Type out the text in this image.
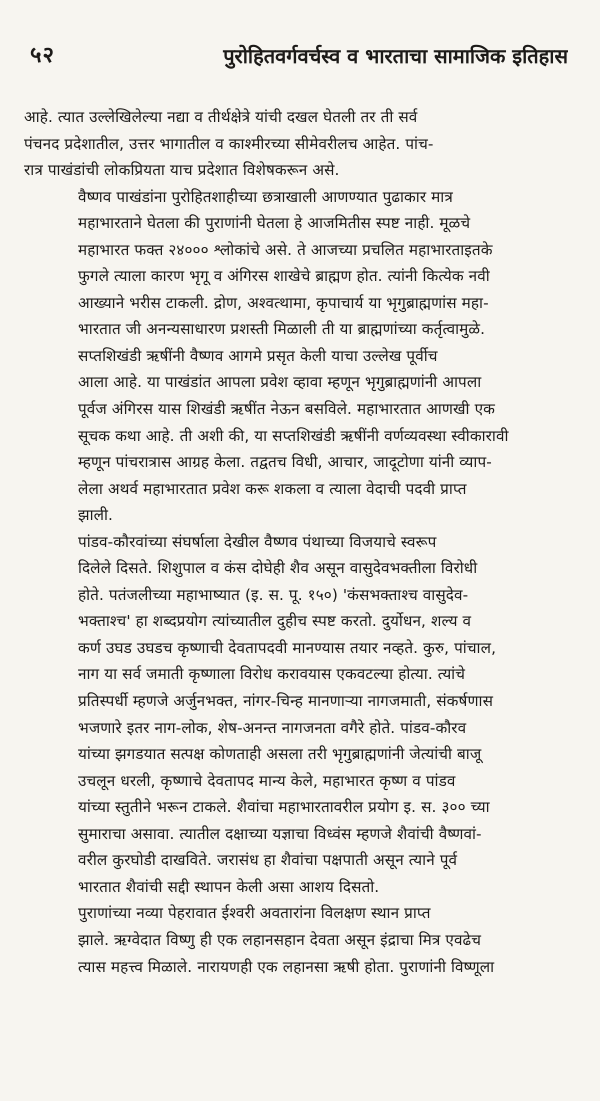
५२	पुरोहितवर्गवर्चस्व व भारताचा सामाजिक इतिहास

आहे. त्यात उल्लेखिलेल्या नद्या व तीर्थक्षेत्रे यांची दखल घेतली तर ती सर्व
पंचनद प्रदेशातील, उत्तर भागातील व काश्मीरच्या सीमेवरीलच आहेत. पांच-
रात्र पाखंडांची लोकप्रियता याच प्रदेशात विशेषकरून असे.

वैष्णव पाखंडांना पुरोहितशाहीच्या छत्राखाली आणण्यात पुढाकार मात्र
महाभारताने घेतला की पुराणांनी घेतला हे आजमितीस स्पष्ट नाही. मूळचे
महाभारत फक्त २४००० श्लोकांचे असे. ते आजच्या प्रचलित महाभारताइतके
फुगले त्याला कारण भृगू व अंगिरस शाखेचे ब्राह्मण होत. त्यांनी कित्येक नवी
आख्याने भरीस टाकली. द्रोण, अश्वत्थामा, कृपाचार्य या भृगुब्राह्मणांस महा-
भारतात जी अनन्यसाधारण प्रशस्ती मिळाली ती या ब्राह्मणांच्या कर्तृत्वामुळे.

सप्तशिखंडी ऋषींनी वैष्णव आगमे प्रसृत केली याचा उल्लेख पूर्वीच
आला आहे. या पाखंडांत आपला प्रवेश व्हावा म्हणून भृगुब्राह्मणांनी आपला
पूर्वज अंगिरस यास शिखंडी ऋषींत नेऊन बसविले. महाभारतात आणखी एक
सूचक कथा आहे. ती अशी की, या सप्तशिखंडी ऋषींनी वर्णव्यवस्था स्वीकारावी
म्हणून पांचरात्रास आग्रह केला. तद्वतच विधी, आचार, जादूटोणा यांनी व्याप-
लेला अथर्व महाभारतात प्रवेश करू शकला व त्याला वेदाची पदवी प्राप्त
झाली.

पांडव-कौरवांच्या संघर्षाला देखील वैष्णव पंथाच्या विजयाचे स्वरूप
दिलेले दिसते. शिशुपाल व कंस दोघेही शैव असून वासुदेवभक्तीला विरोधी
होते. पतंजलीच्या महाभाष्यात (इ. स. पू. १५०) 'कंसभक्ताश्च वासुदेव-
भक्ताश्च' हा शब्दप्रयोग त्यांच्यातील दुहीच स्पष्ट करतो. दुर्योधन, शल्य व
कर्ण उघड उघडच कृष्णाची देवतापदवी मानण्यास तयार नव्हते. कुरु, पांचाल,
नाग या सर्व जमाती कृष्णाला विरोध करावयास एकवटल्या होत्या. त्यांचे
प्रतिस्पर्धी म्हणजे अर्जुनभक्त, नांगर-चिन्ह मानणाऱ्या नागजमाती, संकर्षणास
भजणारे इतर नाग-लोक, शेष-अनन्त नागजनता वगैरे होते. पांडव-कौरव
यांच्या झगडयात सत्पक्ष कोणताही असला तरी भृगुब्राह्मणांनी जेत्यांची बाजू
उचलून धरली, कृष्णाचे देवतापद मान्य केले, महाभारत कृष्ण व पांडव
यांच्या स्तुतीने भरून टाकले. शैवांचा महाभारतावरील प्रयोग इ. स. ३०० च्या
सुमाराचा असावा. त्यातील दक्षाच्या यज्ञाचा विध्वंस म्हणजे शैवांची वैष्णवां-
वरील कुरघोडी दाखविते. जरासंध हा शैवांचा पक्षपाती असून त्याने पूर्व
भारतात शैवांची सद्दी स्थापन केली असा आशय दिसतो.

पुराणांच्या नव्या पेहरावात ईश्वरी अवतारांना विलक्षण स्थान प्राप्त
झाले. ऋग्वेदात विष्णु ही एक लहानसहान देवता असून इंद्राचा मित्र एवढेच
त्यास महत्त्व मिळाले. नारायणही एक लहानसा ऋषी होता. पुराणांनी विष्णूला
